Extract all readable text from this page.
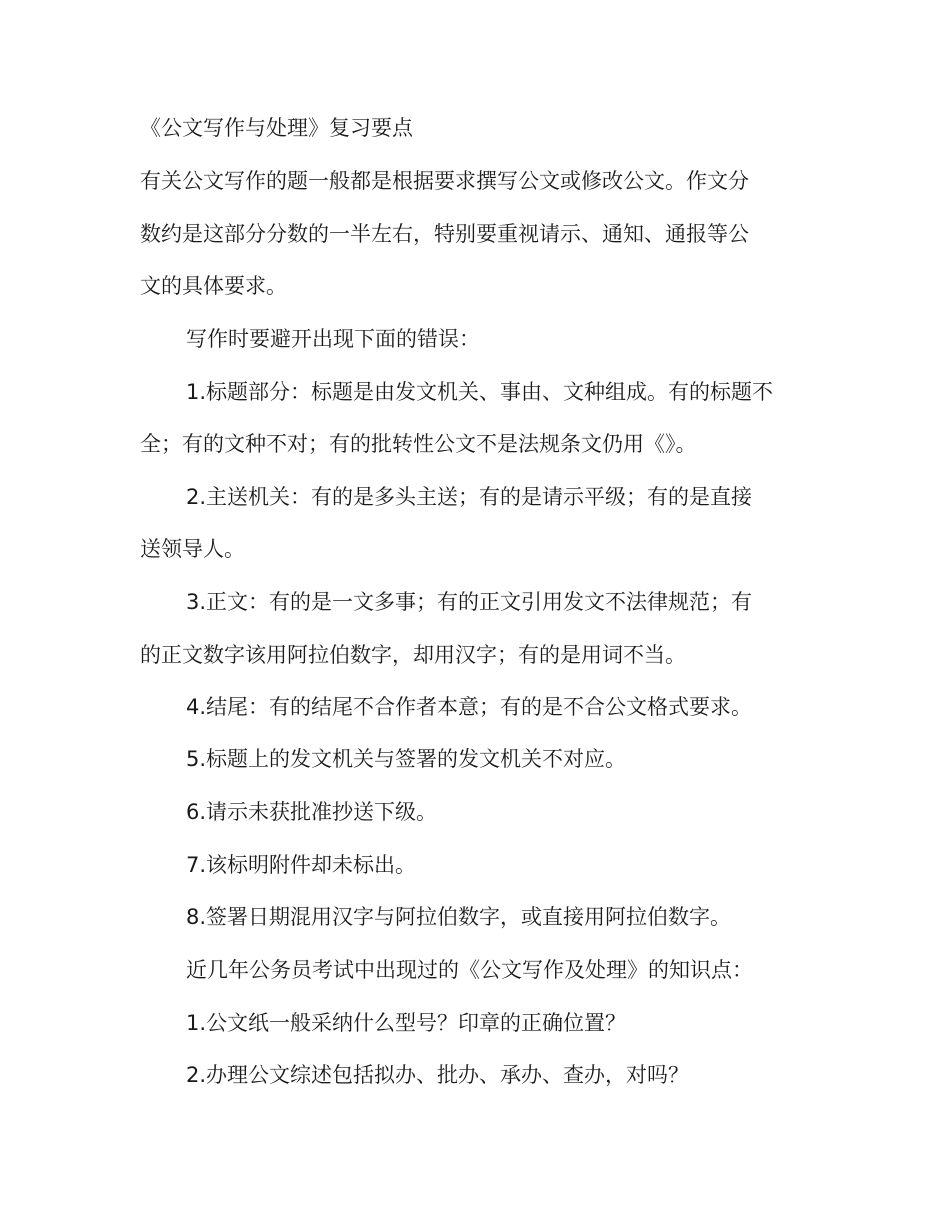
《公文写作与处理》复习要点
有关公文写作的题一般都是根据要求撰写公文或修改公文。作文分
数约是这部分分数的一半左右，特别要重视请示、通知、通报等公
文的具体要求。
写作时要避开出现下面的错误：
1.标题部分：标题是由发文机关、事由、文种组成。有的标题不
全；有的文种不对；有的批转性公文不是法规条文仍用《》。
2.主送机关：有的是多头主送；有的是请示平级；有的是直接
送领导人。
3.正文：有的是一文多事；有的正文引用发文不法律规范；有
的正文数字该用阿拉伯数字，却用汉字；有的是用词不当。
4.结尾：有的结尾不合作者本意；有的是不合公文格式要求。
5.标题上的发文机关与签署的发文机关不对应。
6.请示未获批准抄送下级。
7.该标明附件却未标出。
8.签署日期混用汉字与阿拉伯数字，或直接用阿拉伯数字。
近几年公务员考试中出现过的《公文写作及处理》的知识点：
1.公文纸一般采纳什么型号？印章的正确位置？
2.办理公文综述包括拟办、批办、承办、查办，对吗？
